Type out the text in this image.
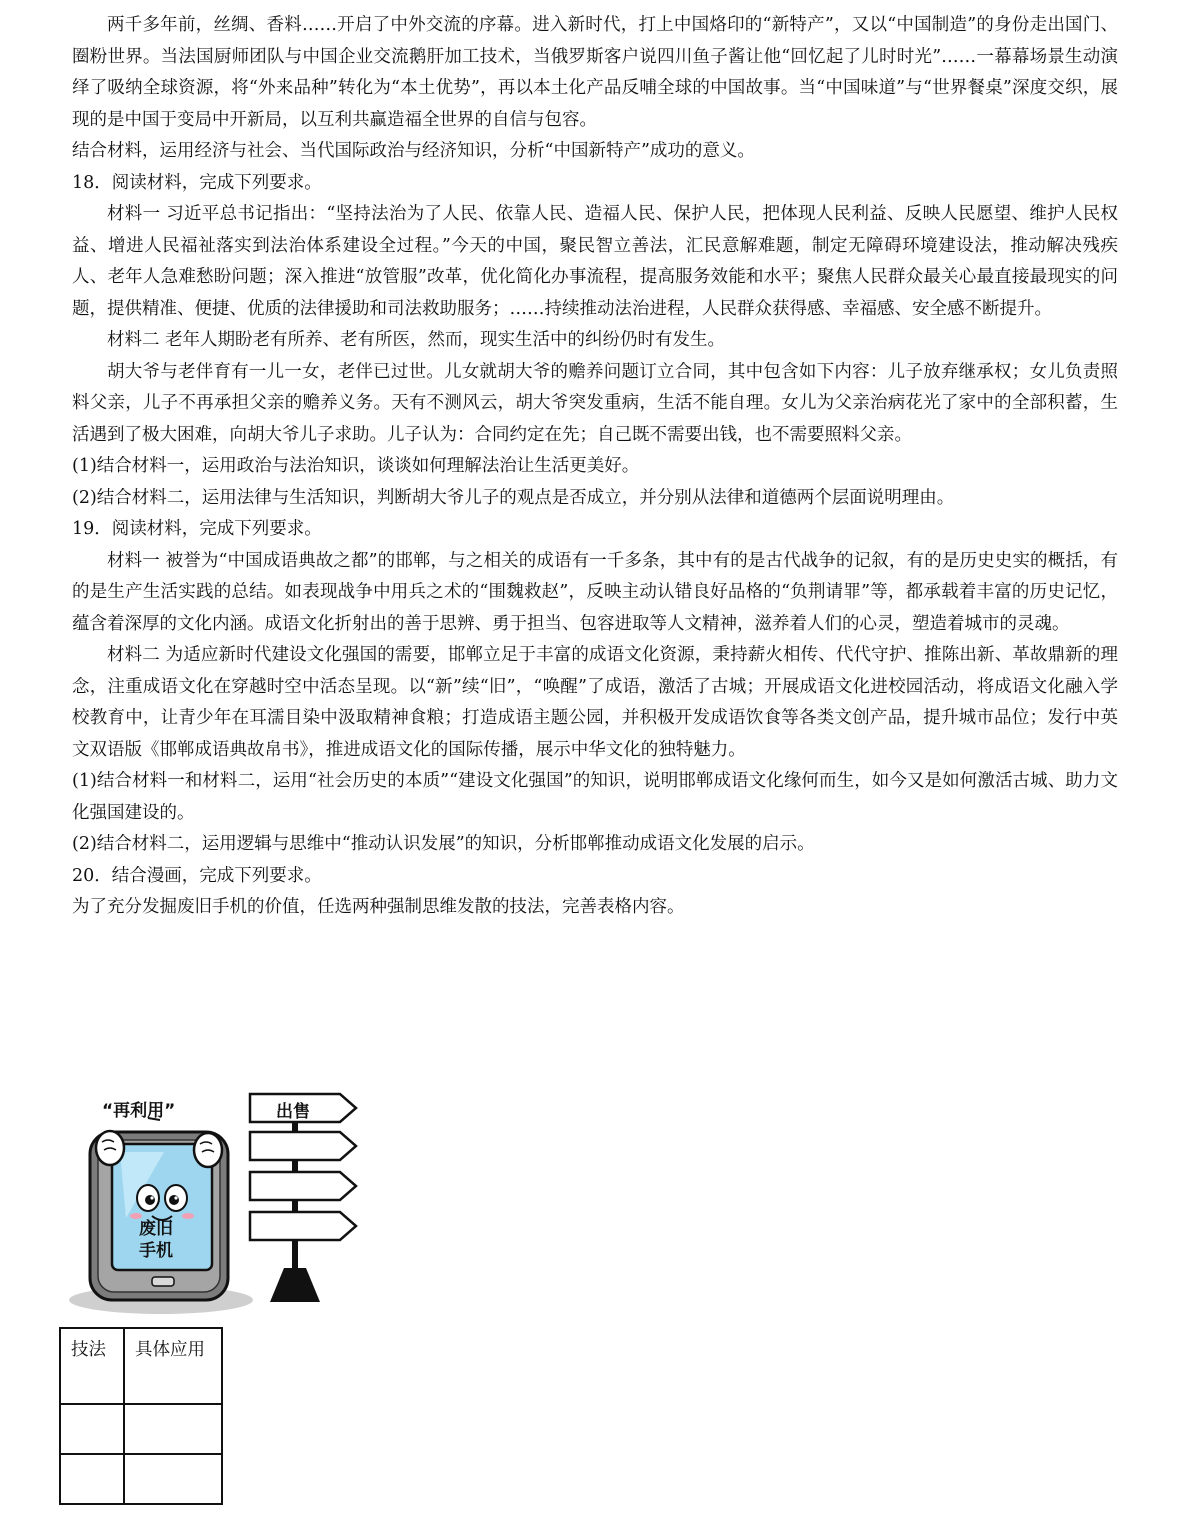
两千多年前，丝绸、香料……开启了中外交流的序幕。进入新时代，打上中国烙印的“新特产”，又以“中国制造”的身份走出国门、圈粉世界。当法国厨师团队与中国企业交流鹅肝加工技术，当俄罗斯客户说四川鱼子酱让他“回忆起了儿时时光”……一幕幕场景生动演绎了吸纳全球资源，将“外来品种”转化为“本土优势”，再以本土化产品反哺全球的中国故事。当“中国味道”与“世界餐桌”深度交织，展现的是中国于变局中开新局，以互利共赢造福全世界的自信与包容。

结合材料，运用经济与社会、当代国际政治与经济知识，分析“中国新特产”成功的意义。

18．阅读材料，完成下列要求。

材料一 习近平总书记指出：“坚持法治为了人民、依靠人民、造福人民、保护人民，把体现人民利益、反映人民愿望、维护人民权益、增进人民福祉落实到法治体系建设全过程。”今天的中国，聚民智立善法，汇民意解难题，制定无障碍环境建设法，推动解决残疾人、老年人急难愁盼问题；深入推进“放管服”改革，优化简化办事流程，提高服务效能和水平；聚焦人民群众最关心最直接最现实的问题，提供精准、便捷、优质的法律援助和司法救助服务；……持续推动法治进程，人民群众获得感、幸福感、安全感不断提升。

材料二 老年人期盼老有所养、老有所医，然而，现实生活中的纠纷仍时有发生。

胡大爷与老伴育有一儿一女，老伴已过世。儿女就胡大爷的赡养问题订立合同，其中包含如下内容：儿子放弃继承权；女儿负责照料父亲，儿子不再承担父亲的赡养义务。天有不测风云，胡大爷突发重病，生活不能自理。女儿为父亲治病花光了家中的全部积蓄，生活遇到了极大困难，向胡大爷儿子求助。儿子认为：合同约定在先；自己既不需要出钱，也不需要照料父亲。

(1)结合材料一，运用政治与法治知识，谈谈如何理解法治让生活更美好。

(2)结合材料二，运用法律与生活知识，判断胡大爷儿子的观点是否成立，并分别从法律和道德两个层面说明理由。

19．阅读材料，完成下列要求。

材料一 被誉为“中国成语典故之都”的邯郸，与之相关的成语有一千多条，其中有的是古代战争的记叙，有的是历史史实的概括，有的是生产生活实践的总结。如表现战争中用兵之术的“围魏救赵”，反映主动认错良好品格的“负荆请罪”等，都承载着丰富的历史记忆，蕴含着深厚的文化内涵。成语文化折射出的善于思辨、勇于担当、包容进取等人文精神，滋养着人们的心灵，塑造着城市的灵魂。

材料二 为适应新时代建设文化强国的需要，邯郸立足于丰富的成语文化资源，秉持薪火相传、代代守护、推陈出新、革故鼎新的理念，注重成语文化在穿越时空中活态呈现。以“新”续“旧”，“唤醒”了成语，激活了古城；开展成语文化进校园活动，将成语文化融入学校教育中，让青少年在耳濡目染中汲取精神食粮；打造成语主题公园，并积极开发成语饮食等各类文创产品，提升城市品位；发行中英文双语版《邯郸成语典故帛书》，推进成语文化的国际传播，展示中华文化的独特魅力。

(1)结合材料一和材料二，运用“社会历史的本质”“建设文化强国”的知识，说明邯郸成语文化缘何而生，如今又是如何激活古城、助力文化强国建设的。

(2)结合材料二，运用逻辑与思维中“推动认识发展”的知识，分析邯郸推动成语文化发展的启示。

20．结合漫画，完成下列要求。

为了充分发掘废旧手机的价值，任选两种强制思维发散的技法，完善表格内容。

“再利用”
废旧手机
出售
技法	具体应用
